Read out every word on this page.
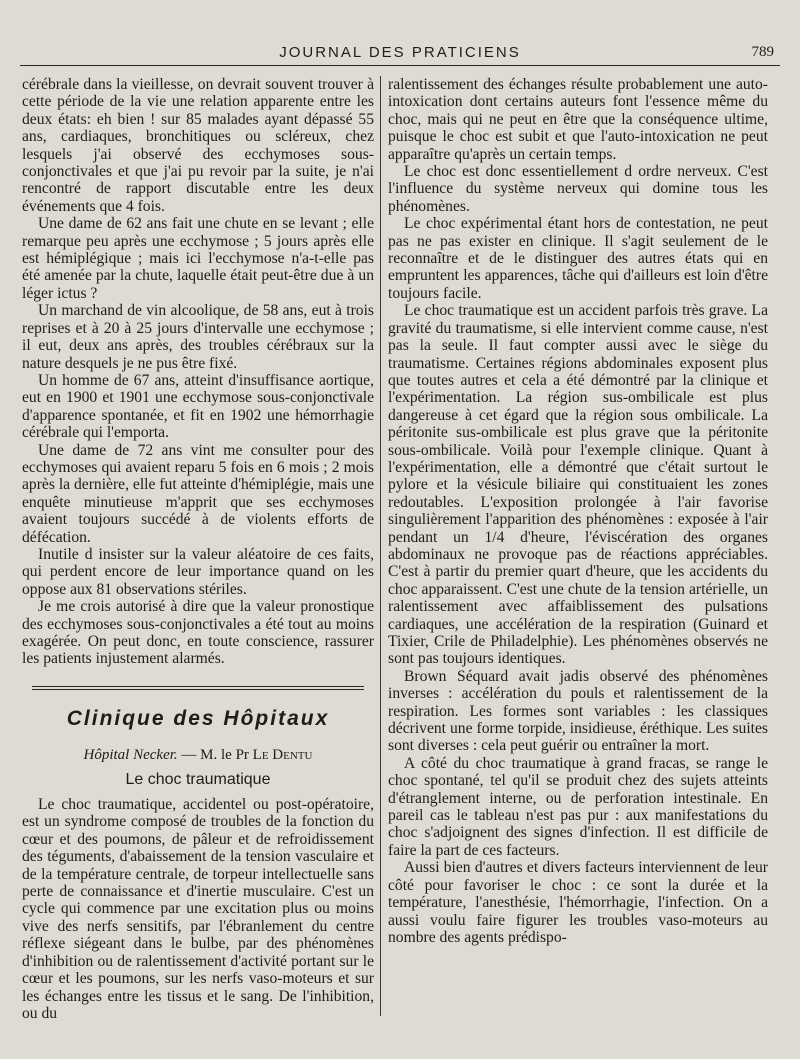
JOURNAL DES PRATICIENS	789

cérébrale dans la vieillesse, on devrait souvent trouver à cette période de la vie une relation apparente entre les deux états: eh bien ! sur 85 malades ayant dépassé 55 ans, cardiaques, bronchitiques ou scléreux, chez lesquels j'ai observé des ecchymoses sous-conjonctivales et que j'ai pu revoir par la suite, je n'ai rencontré de rapport discutable entre les deux événements que 4 fois.

Une dame de 62 ans fait une chute en se levant ; elle remarque peu après une ecchymose ; 5 jours après elle est hémiplégique ; mais ici l'ecchymose n'a-t-elle pas été amenée par la chute, laquelle était peut-être due à un léger ictus ?

Un marchand de vin alcoolique, de 58 ans, eut à trois reprises et à 20 à 25 jours d'intervalle une ecchymose ; il eut, deux ans après, des troubles cérébraux sur la nature desquels je ne pus être fixé.

Un homme de 67 ans, atteint d'insuffisance aortique, eut en 1900 et 1901 une ecchymose sous-conjonctivale d'apparence spontanée, et fit en 1902 une hémorrhagie cérébrale qui l'emporta.

Une dame de 72 ans vint me consulter pour des ecchymoses qui avaient reparu 5 fois en 6 mois ; 2 mois après la dernière, elle fut atteinte d'hémiplégie, mais une enquête minutieuse m'apprit que ses ecchymoses avaient toujours succédé à de violents efforts de défécation.

Inutile d insister sur la valeur aléatoire de ces faits, qui perdent encore de leur importance quand on les oppose aux 81 observations stériles.

Je me crois autorisé à dire que la valeur pronostique des ecchymoses sous-conjonctivales a été tout au moins exagérée. On peut donc, en toute conscience, rassurer les patients injustement alarmés.

Clinique des Hôpitaux
Hôpital Necker. — M. le Pr Le Dentu
Le choc traumatique

Le choc traumatique, accidentel ou post-opératoire, est un syndrome composé de troubles de la fonction du cœur et des poumons, de pâleur et de refroidissement des téguments, d'abaissement de la tension vasculaire et de la température centrale, de torpeur intellectuelle sans perte de connaissance et d'inertie musculaire. C'est un cycle qui commence par une excitation plus ou moins vive des nerfs sensitifs, par l'ébranlement du centre réflexe siégeant dans le bulbe, par des phénomènes d'inhibition ou de ralentissement d'activité portant sur le cœur et les poumons, sur les nerfs vaso-moteurs et sur les échanges entre les tissus et le sang. De l'inhibition, ou du

ralentissement des échanges résulte probablement une auto-intoxication dont certains auteurs font l'essence même du choc, mais qui ne peut en être que la conséquence ultime, puisque le choc est subit et que l'auto-intoxication ne peut apparaître qu'après un certain temps.

Le choc est donc essentiellement d ordre nerveux. C'est l'influence du système nerveux qui domine tous les phénomènes.

Le choc expérimental étant hors de contestation, ne peut pas ne pas exister en clinique. Il s'agit seulement de le reconnaître et de le distinguer des autres états qui en empruntent les apparences, tâche qui d'ailleurs est loin d'être toujours facile.

Le choc traumatique est un accident parfois très grave. La gravité du traumatisme, si elle intervient comme cause, n'est pas la seule. Il faut compter aussi avec le siège du traumatisme. Certaines régions abdominales exposent plus que toutes autres et cela a été démontré par la clinique et l'expérimentation. La région sus-ombilicale est plus dangereuse à cet égard que la région sous ombilicale. La péritonite sus-ombilicale est plus grave que la péritonite sous-ombilicale. Voilà pour l'exemple clinique. Quant à l'expérimentation, elle a démontré que c'était surtout le pylore et la vésicule biliaire qui constituaient les zones redoutables. L'exposition prolongée à l'air favorise singulièrement l'apparition des phénomènes : exposée à l'air pendant un 1/4 d'heure, l'éviscération des organes abdominaux ne provoque pas de réactions appréciables. C'est à partir du premier quart d'heure, que les accidents du choc apparaissent. C'est une chute de la tension artérielle, un ralentissement avec affaiblissement des pulsations cardiaques, une accélération de la respiration (Guinard et Tixier, Crile de Philadelphie). Les phénomènes observés ne sont pas toujours identiques.

Brown Séquard avait jadis observé des phénomènes inverses : accélération du pouls et ralentissement de la respiration. Les formes sont variables : les classiques décrivent une forme torpide, insidieuse, éréthique. Les suites sont diverses : cela peut guérir ou entraîner la mort.

A côté du choc traumatique à grand fracas, se range le choc spontané, tel qu'il se produit chez des sujets atteints d'étranglement interne, ou de perforation intestinale. En pareil cas le tableau n'est pas pur : aux manifestations du choc s'adjoignent des signes d'infection. Il est difficile de faire la part de ces facteurs.

Aussi bien d'autres et divers facteurs interviennent de leur côté pour favoriser le choc : ce sont la durée et la température, l'anesthésie, l'hémorrhagie, l'infection. On a aussi voulu faire figurer les troubles vaso-moteurs au nombre des agents prédispo-
